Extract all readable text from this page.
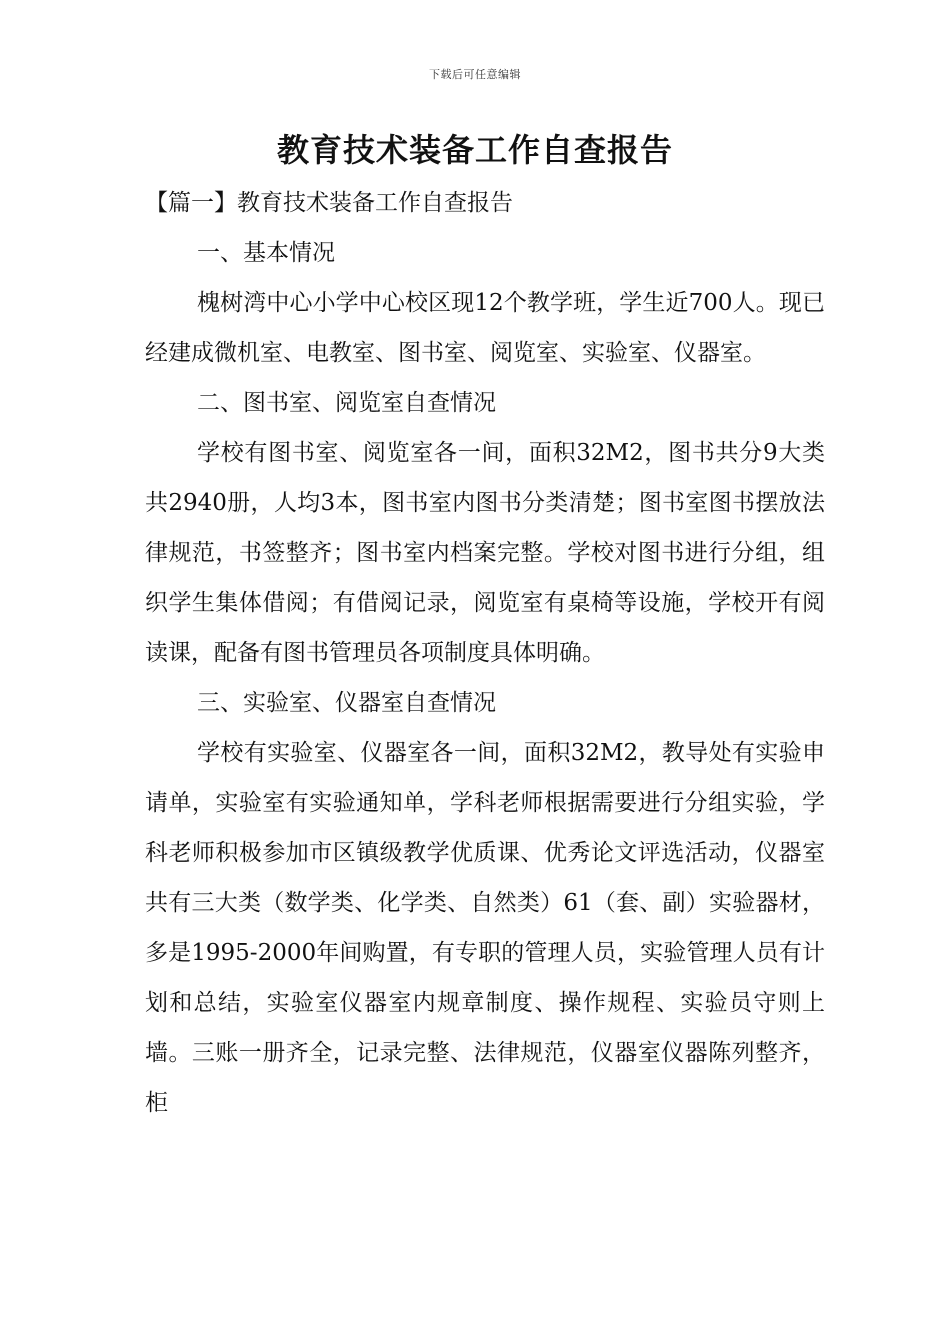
下载后可任意编辑
教育技术装备工作自查报告

【篇一】教育技术装备工作自查报告

一、基本情况

槐树湾中心小学中心校区现12个教学班，学生近700人。现已经建成微机室、电教室、图书室、阅览室、实验室、仪器室。

二、图书室、阅览室自查情况

学校有图书室、阅览室各一间，面积32M2，图书共分9大类共2940册，人均3本，图书室内图书分类清楚；图书室图书摆放法律规范，书签整齐；图书室内档案完整。学校对图书进行分组，组织学生集体借阅；有借阅记录，阅览室有桌椅等设施，学校开有阅读课，配备有图书管理员各项制度具体明确。

三、实验室、仪器室自查情况

学校有实验室、仪器室各一间，面积32M2，教导处有实验申请单，实验室有实验通知单，学科老师根据需要进行分组实验，学科老师积极参加市区镇级教学优质课、优秀论文评选活动，仪器室共有三大类（数学类、化学类、自然类）61（套、副）实验器材，多是1995-2000年间购置，有专职的管理人员，实验管理人员有计划和总结，实验室仪器室内规章制度、操作规程、实验员守则上墙。三账一册齐全，记录完整、法律规范，仪器室仪器陈列整齐，柜
